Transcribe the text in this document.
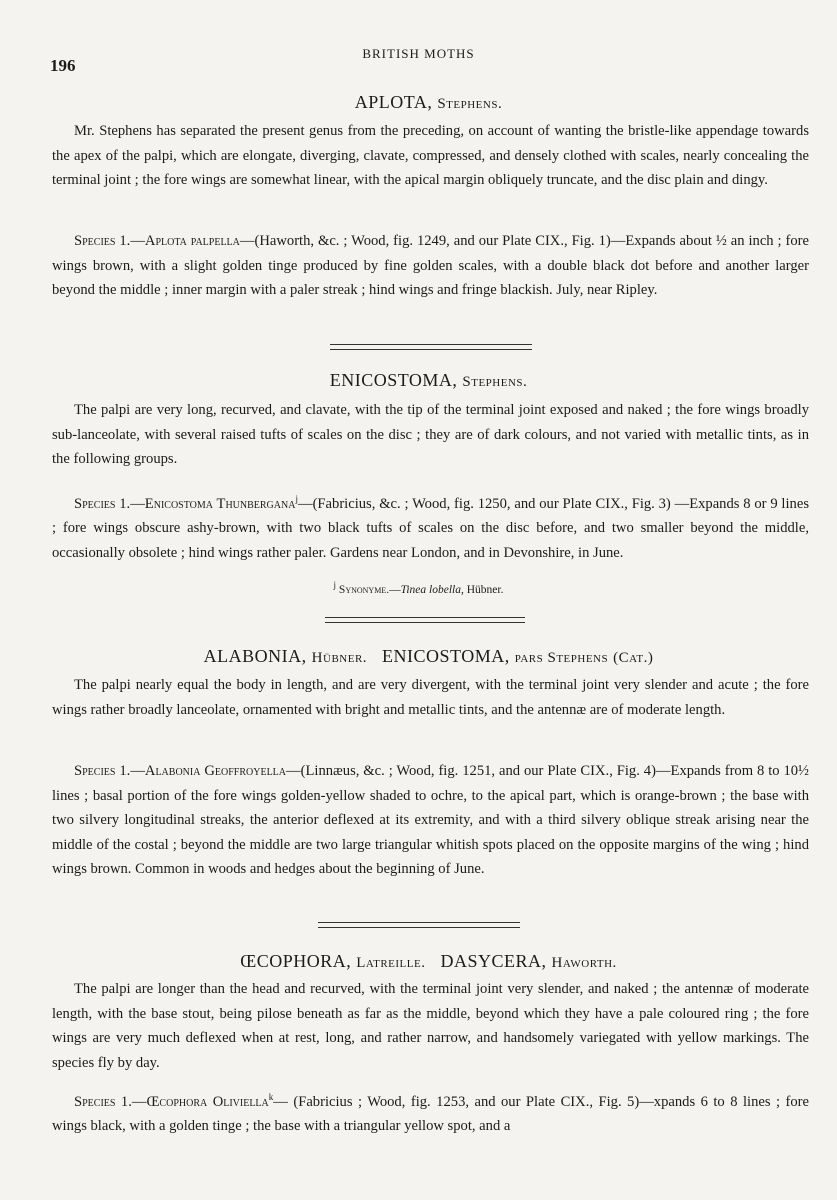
196
BRITISH MOTHS
APLOTA, Stephens.

Mr. Stephens has separated the present genus from the preceding, on account of wanting the bristle-like appendage towards the apex of the palpi, which are elongate, diverging, clavate, compressed, and densely clothed with scales, nearly concealing the terminal joint ; the fore wings are somewhat linear, with the apical margin obliquely truncate, and the disc plain and dingy.

Species 1.—Aplota palpella—(Haworth, &c. ; Wood, fig. 1249, and our Plate CIX., Fig. 1)—Expands about ½ an inch ; fore wings brown, with a slight golden tinge produced by fine golden scales, with a double black dot before and another larger beyond the middle ; inner margin with a paler streak ; hind wings and fringe blackish. July, near Ripley.

ENICOSTOMA, Stephens.

The palpi are very long, recurved, and clavate, with the tip of the terminal joint exposed and naked ; the fore wings broadly sub-lanceolate, with several raised tufts of scales on the disc ; they are of dark colours, and not varied with metallic tints, as in the following groups.

Species 1.—Enicostoma Thunbergana$^j$—(Fabricius, &c. ; Wood, fig. 1250, and our Plate CIX., Fig. 3) —Expands 8 or 9 lines ; fore wings obscure ashy-brown, with two black tufts of scales on the disc before, and two smaller beyond the middle, occasionally obsolete ; hind wings rather paler. Gardens near London, and in Devonshire, in June.

$^j$ Synonyme.—Tinea lobella, Hübner.
ALABONIA, Hübner. ENICOSTOMA, pars Stephens (Cat.)

The palpi nearly equal the body in length, and are very divergent, with the terminal joint very slender and acute ; the fore wings rather broadly lanceolate, ornamented with bright and metallic tints, and the antennæ are of moderate length.

Species 1.—Alabonia Geoffroyella—(Linnæus, &c. ; Wood, fig. 1251, and our Plate CIX., Fig. 4)—Expands from 8 to 10½ lines ; basal portion of the fore wings golden-yellow shaded to ochre, to the apical part, which is orange-brown ; the base with two silvery longitudinal streaks, the anterior deflexed at its extremity, and with a third silvery oblique streak arising near the middle of the costal ; beyond the middle are two large triangular whitish spots placed on the opposite margins of the wing ; hind wings brown. Common in woods and hedges about the beginning of June.

ŒCOPHORA, Latreille. DASYCERA, Haworth.

The palpi are longer than the head and recurved, with the terminal joint very slender, and naked ; the antennæ of moderate length, with the base stout, being pilose beneath as far as the middle, beyond which they have a pale coloured ring ; the fore wings are very much deflexed when at rest, long, and rather narrow, and handsomely variegated with yellow markings. The species fly by day.

Species 1.—Œcophora Oliviella$^k$— (Fabricius ; Wood, fig. 1253, and our Plate CIX., Fig. 5)—xpands 6 to 8 lines ; fore wings black, with a golden tinge ; the base with a triangular yellow spot, and a
